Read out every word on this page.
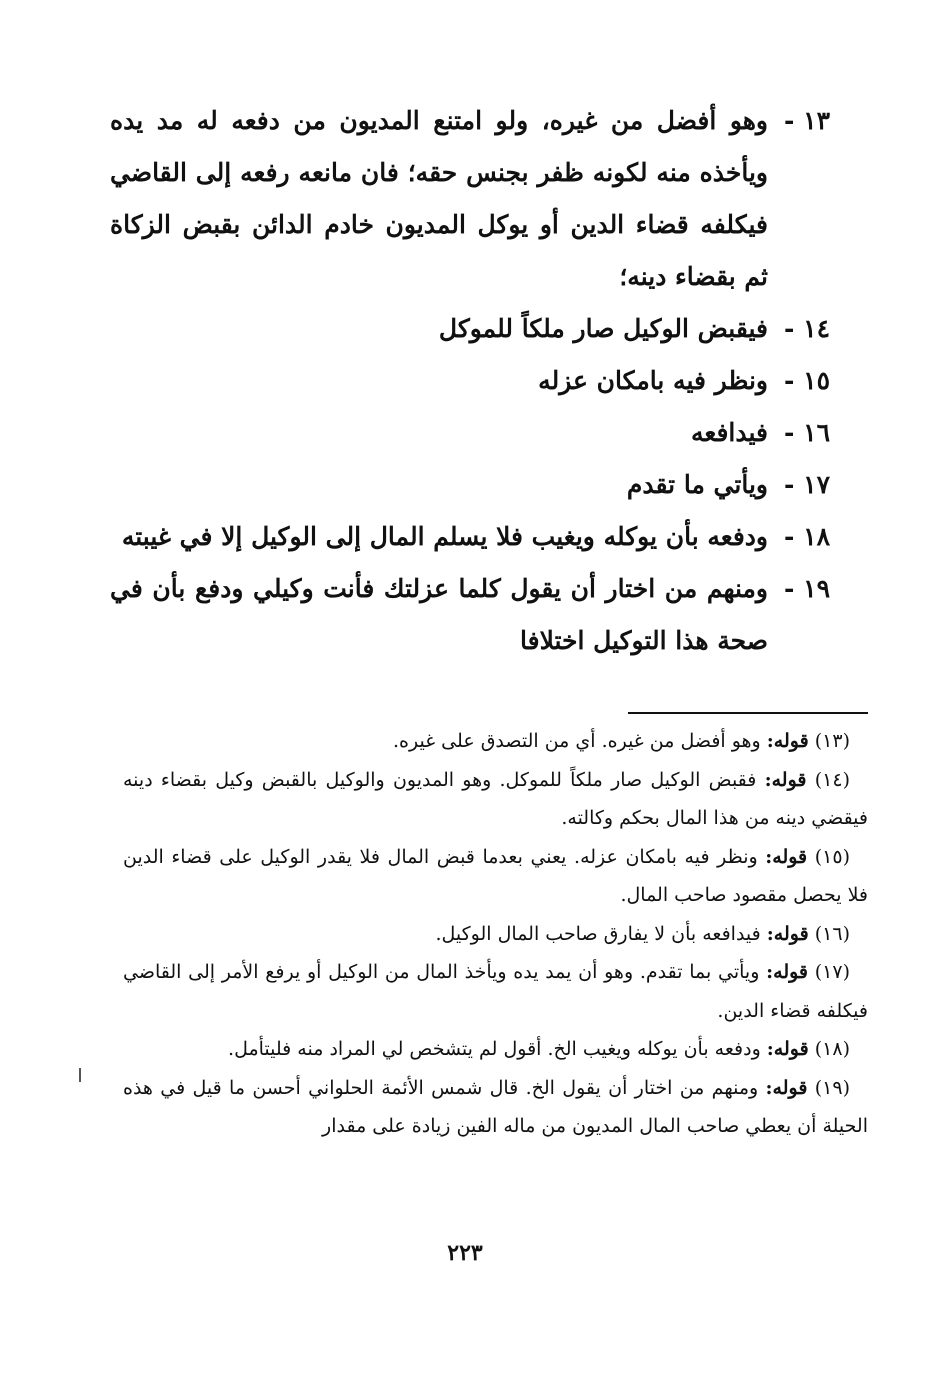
١٣ -
وهو أفضل من غيره، ولو امتنع المديون من دفعه له مد يده ويأخذه منه لكونه ظفر بجنس حقه؛ فان مانعه رفعه إلى القاضي فيكلفه قضاء الدين أو يوكل المديون خادم الدائن بقبض الزكاة ثم بقضاء دينه؛
١٤ -
فيقبض الوكيل صار ملكاً للموكل
١٥ -
ونظر فيه بامكان عزله
١٦ -
فيدافعه
١٧ -
ويأتي ما تقدم
١٨ -
ودفعه بأن يوكله ويغيب فلا يسلم المال إلى الوكيل إلا في غيبته
١٩ -
ومنهم من اختار أن يقول كلما عزلتك فأنت وكيلي ودفع بأن في صحة هذا التوكيل اختلافا
(١٣) قوله: وهو أفضل من غيره. أي من التصدق على غيره.
(١٤) قوله: فقبض الوكيل صار ملكاً للموكل. وهو المديون والوكيل بالقبض وكيل بقضاء دينه فيقضي دينه من هذا المال بحكم وكالته.
(١٥) قوله: ونظر فيه بامكان عزله. يعني بعدما قبض المال فلا يقدر الوكيل على قضاء الدين فلا يحصل مقصود صاحب المال.
(١٦) قوله: فيدافعه بأن لا يفارق صاحب المال الوكيل.
(١٧) قوله: ويأتي بما تقدم. وهو أن يمد يده ويأخذ المال من الوكيل أو يرفع الأمر إلى القاضي فيكلفه قضاء الدين.
(١٨) قوله: ودفعه بأن يوكله ويغيب الخ. أقول لم يتشخص لي المراد منه فليتأمل.
(١٩) قوله: ومنهم من اختار أن يقول الخ. قال شمس الأئمة الحلواني أحسن ما قيل في هذه الحيلة أن يعطي صاحب المال المديون من ماله الفين زيادة على مقدار
٢٢٣
